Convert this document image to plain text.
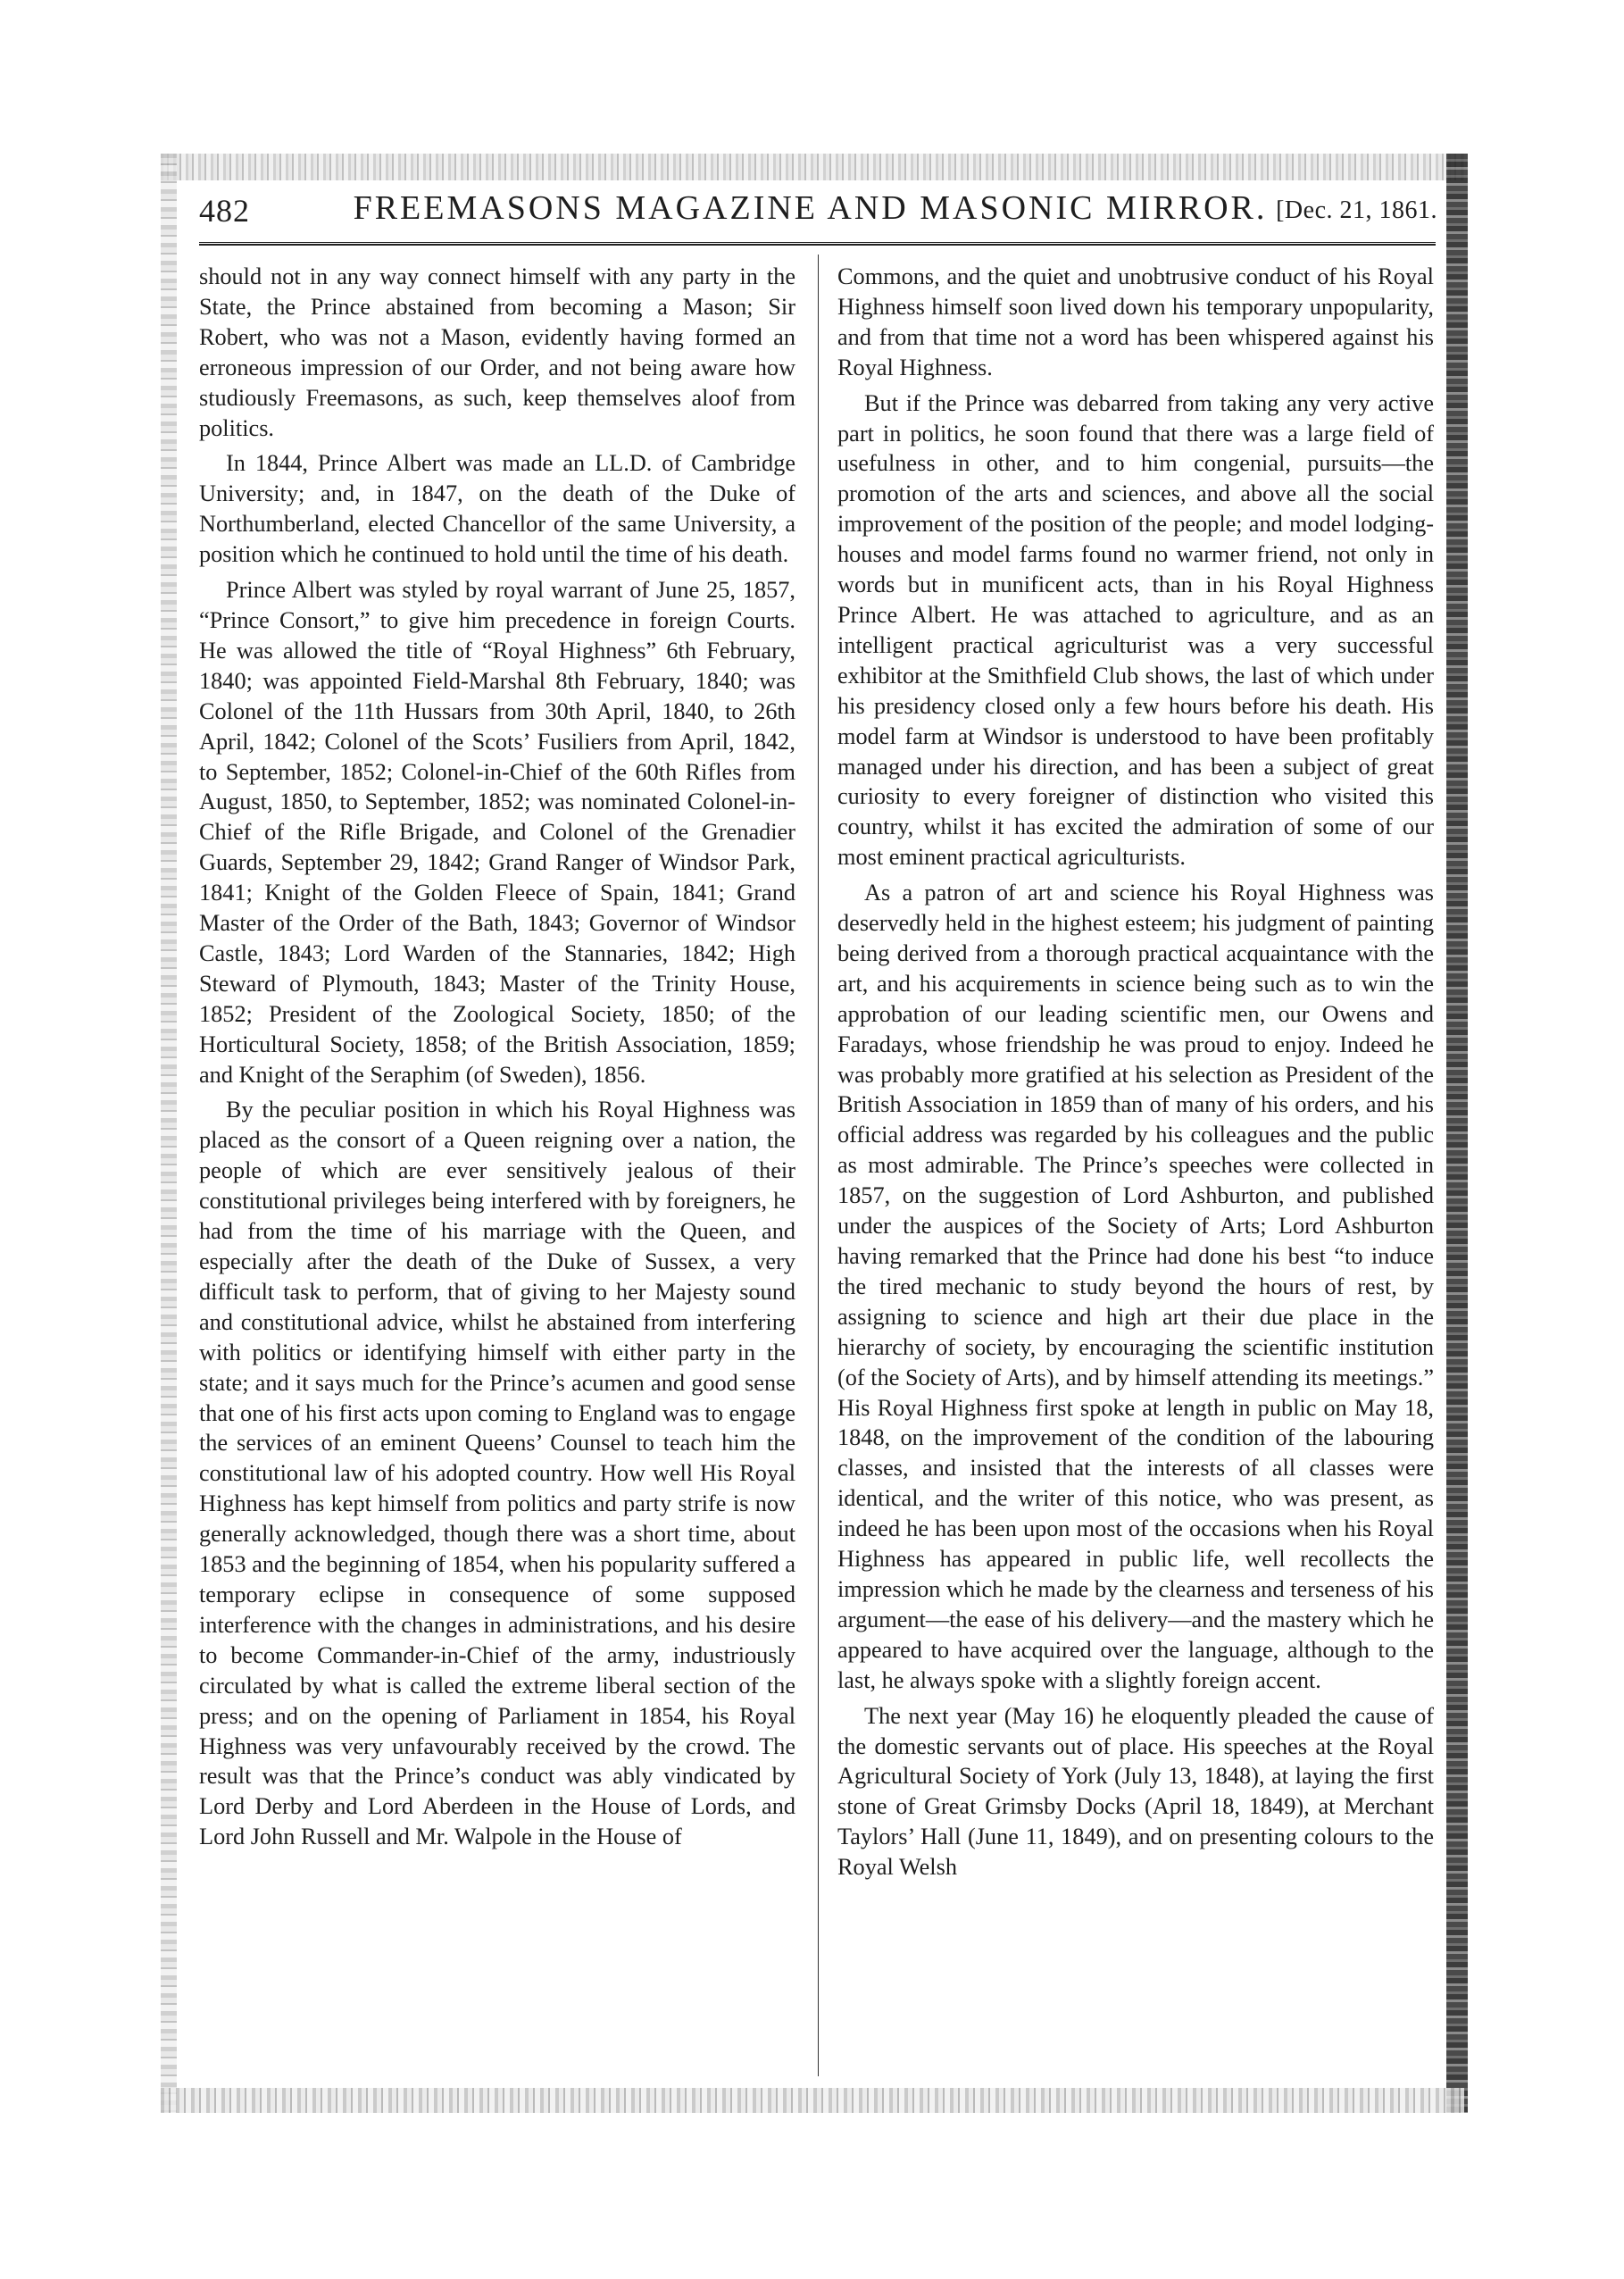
482	FREEMASONS MAGAZINE AND MASONIC MIRROR. [Dec. 21, 1861.

should not in any way connect himself with any party in the State, the Prince abstained from becoming a Mason; Sir Robert, who was not a Mason, evidently having formed an erroneous impression of our Order, and not being aware how studiously Freemasons, as such, keep themselves aloof from politics.

In 1844, Prince Albert was made an LL.D. of Cambridge University; and, in 1847, on the death of the Duke of Northumberland, elected Chancellor of the same University, a position which he continued to hold until the time of his death.

Prince Albert was styled by royal warrant of June 25, 1857, “Prince Consort,” to give him precedence in foreign Courts. He was allowed the title of “Royal Highness” 6th February, 1840; was appointed Field-Marshal 8th February, 1840; was Colonel of the 11th Hussars from 30th April, 1840, to 26th April, 1842; Colonel of the Scots’ Fusiliers from April, 1842, to September, 1852; Colonel-in-Chief of the 60th Rifles from August, 1850, to September, 1852; was nominated Colonel-in-Chief of the Rifle Brigade, and Colonel of the Grenadier Guards, September 29, 1842; Grand Ranger of Windsor Park, 1841; Knight of the Golden Fleece of Spain, 1841; Grand Master of the Order of the Bath, 1843; Governor of Windsor Castle, 1843; Lord Warden of the Stannaries, 1842; High Steward of Plymouth, 1843; Master of the Trinity House, 1852; President of the Zoological Society, 1850; of the Horticultural Society, 1858; of the British Association, 1859; and Knight of the Seraphim (of Sweden), 1856.

By the peculiar position in which his Royal Highness was placed as the consort of a Queen reigning over a nation, the people of which are ever sensitively jealous of their constitutional privileges being interfered with by foreigners, he had from the time of his marriage with the Queen, and especially after the death of the Duke of Sussex, a very difficult task to perform, that of giving to her Majesty sound and constitutional advice, whilst he abstained from interfering with politics or identifying himself with either party in the state; and it says much for the Prince’s acumen and good sense that one of his first acts upon coming to England was to engage the services of an eminent Queens’ Counsel to teach him the constitutional law of his adopted country. How well His Royal Highness has kept himself from politics and party strife is now generally acknowledged, though there was a short time, about 1853 and the beginning of 1854, when his popularity suffered a temporary eclipse in consequence of some supposed interference with the changes in administrations, and his desire to become Commander-in-Chief of the army, industriously circulated by what is called the extreme liberal section of the press; and on the opening of Parliament in 1854, his Royal Highness was very unfavourably received by the crowd. The result was that the Prince’s conduct was ably vindicated by Lord Derby and Lord Aberdeen in the House of Lords, and Lord John Russell and Mr. Walpole in the House of

Commons, and the quiet and unobtrusive conduct of his Royal Highness himself soon lived down his temporary unpopularity, and from that time not a word has been whispered against his Royal Highness.

But if the Prince was debarred from taking any very active part in politics, he soon found that there was a large field of usefulness in other, and to him congenial, pursuits—the promotion of the arts and sciences, and above all the social improvement of the position of the people; and model lodging-houses and model farms found no warmer friend, not only in words but in munificent acts, than in his Royal Highness Prince Albert. He was attached to agriculture, and as an intelligent practical agriculturist was a very successful exhibitor at the Smithfield Club shows, the last of which under his presidency closed only a few hours before his death. His model farm at Windsor is understood to have been profitably managed under his direction, and has been a subject of great curiosity to every foreigner of distinction who visited this country, whilst it has excited the admiration of some of our most eminent practical agriculturists.

As a patron of art and science his Royal Highness was deservedly held in the highest esteem; his judgment of painting being derived from a thorough practical acquaintance with the art, and his acquirements in science being such as to win the approbation of our leading scientific men, our Owens and Faradays, whose friendship he was proud to enjoy. Indeed he was probably more gratified at his selection as President of the British Association in 1859 than of many of his orders, and his official address was regarded by his colleagues and the public as most admirable. The Prince’s speeches were collected in 1857, on the suggestion of Lord Ashburton, and published under the auspices of the Society of Arts; Lord Ashburton having remarked that the Prince had done his best “to induce the tired mechanic to study beyond the hours of rest, by assigning to science and high art their due place in the hierarchy of society, by encouraging the scientific institution (of the Society of Arts), and by himself attending its meetings.” His Royal Highness first spoke at length in public on May 18, 1848, on the improvement of the condition of the labouring classes, and insisted that the interests of all classes were identical, and the writer of this notice, who was present, as indeed he has been upon most of the occasions when his Royal Highness has appeared in public life, well recollects the impression which he made by the clearness and terseness of his argument—the ease of his delivery—and the mastery which he appeared to have acquired over the language, although to the last, he always spoke with a slightly foreign accent.

The next year (May 16) he eloquently pleaded the cause of the domestic servants out of place. His speeches at the Royal Agricultural Society of York (July 13, 1848), at laying the first stone of Great Grimsby Docks (April 18, 1849), at Merchant Taylors’ Hall (June 11, 1849), and on presenting colours to the Royal Welsh
